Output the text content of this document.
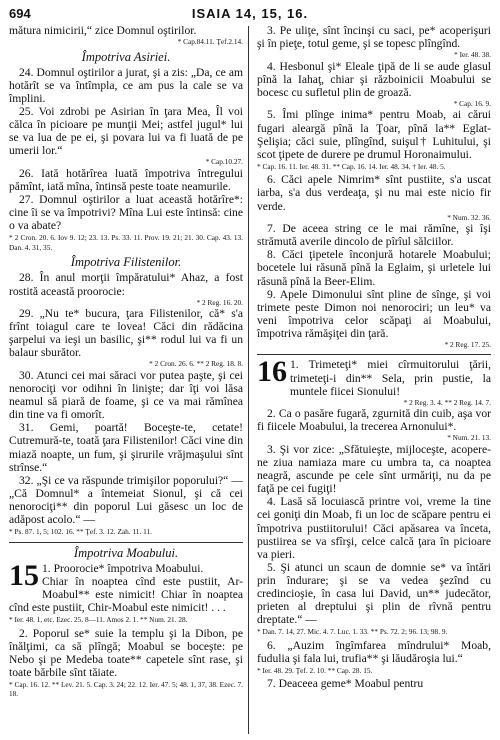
694	ISAIA 14, 15, 16.

mătura nimicirii,“ zice Domnul oştirilor.

* Cap.84.11. Ţef.2.14.
Împotriva Asiriei.

24. Domnul oştirilor a jurat, şi a zis: „Da, ce am hotărît se va întîmpla, ce am pus la cale se va împlini.

25. Voi zdrobi pe Asirian în ţara Mea, Îl voi călca în picioare pe munţii Mei; astfel jugul* lui se va lua de pe ei, şi povara lui va fi luată de pe umerii lor.“

* Cap.10.27.

26. Iată hotărîrea luată împotriva întregului pămînt, iată mîna, întinsă peste toate neamurile.

27. Domnul oştirilor a luat această hotărîre*: cine îi se va împotrivi? Mîna Lui este întinsă: cine o va abate?

* 2 Cron. 20. 6. Iov 9. 12; 23. 13. Ps. 33. 11. Prov. 19. 21; 21. 30. Cap. 43. 13. Dan. 4. 31, 35.
Împotriva Filistenilor.

28. În anul morţii împăratului* Ahaz, a fost rostită această proorocie:

* 2 Reg. 16. 20.

29. „Nu te* bucura, ţara Filistenilor, că* s'a frînt toiagul care te lovea! Căci din rădăcina şarpelui va ieşi un basilic, şi** rodul lui va fi un balaur sburător.

* 2 Cron. 26. 6. ** 2 Reg. 18. 8.

30. Atunci cei mai săraci vor putea paşte, şi cei nenorociţi vor odihni în linişte; dar îţi voi lăsa neamul să piară de foame, şi ce va mai rămînea din tine va fi omorît.

31. Gemi, poartă! Boceşte-te, cetate! Cutremură-te, toată ţara Filistenilor! Căci vine din miază noapte, un fum, şi şirurile vrăjmaşului sînt strînse.“

32. „Şi ce va răspunde trimişilor poporului?“ — „Că Domnul* a întemeiat Sionul, şi că cei nenorociţi** din poporul Lui găsesc un loc de adăpost acolo.“ —

* Ps. 87. 1, 5; 102. 16. ** Ţef. 3. 12. Zah. 11. 11.
Împotriva Moabului.

15 1. Proorocie* împotriva Moabului.

Chiar în noaptea cînd este pustiit, Ar-Moabul** este nimicit! Chiar în noaptea cînd este pustiit, Chir-Moabul este nimicit! . . .

* Ier. 48. 1, etc. Ezec. 25. 8—11. Amos 2. 1. ** Num. 21. 28.

2. Poporul se* suie la templu şi la Dibon, pe înălţimi, ca să plîngă; Moabul se boceşte: pe Nebo şi pe Medeba toate** capetele sînt rase, şi toate bărbile sînt tăiate.

* Cap. 16. 12. ** Lev. 21. 5. Cap. 3. 24; 22. 12. Ier. 47. 5; 48. 1, 37, 38. Ezec. 7. 18.

3. Pe uliţe, sînt încinşi cu saci, pe* acoperişuri şi în pieţe, totul geme, şi se topesc plîngînd.

* Ier. 48. 38.

4. Hesbonul şi* Eleale ţipă de li se aude glasul pînă la Iahaţ, chiar şi războinicii Moabului se bocesc cu sufletul plin de groază.

* Cap. 16. 9.

5. Îmi plînge inima* pentru Moab, ai cărui fugari aleargă pînă la Ţoar, pînă la** Eglat-Şelişia; căci suie, plîngînd, suişul† Luhitului, şi scot ţipete de durere pe drumul Horonaimului.

* Cap. 16. 11. Ier. 48. 31. ** Cap. 16. 14. Ier. 48. 34. † Ier. 48. 5.

6. Căci apele Nimrim* sînt pustiite, s'a uscat iarba, s'a dus verdeaţa, şi nu mai este nicio fir verde.

* Num. 32. 36.

7. De aceea string ce le mai rămîne, şi îşi strămută averile dincolo de pîrîul sălciilor.

8. Căci ţipetele înconjură hotarele Moabului; bocetele lui răsună pînă la Eglaim, şi urletele lui răsună pînă la Beer-Elim.

9. Apele Dimonului sînt pline de sînge, şi voi trimete peste Dimon noi nenorociri; un leu* va veni împotriva celor scăpaţi ai Moabului, împotriva rămăşiţei din ţară.

* 2 Reg. 17. 25.

16 1. Trimeteţi* miei cîrmuitorului ţării, trimeteţi-i din** Sela, prin pustie, la muntele fiicei Sionului!

* 2 Reg. 3. 4. ** 2 Reg. 14. 7.

2. Ca o pasăre fugară, zgurnită din cuib, aşa vor fi fiicele Moabului, la trecerea Arnonului*.

* Num. 21. 13.

3. Şi vor zice: „Sfătuieşte, mijloceşte, acopere-ne ziua namiaza mare cu umbra ta, ca noaptea neagră, ascunde pe cele sînt urmăriţi, nu da pe faţă pe cei fugiţi!

4. Lasă să locuiască printre voi, vreme la tine cei goniţi din Moab, fi un loc de scăpare pentru ei împotriva pustiitorului! Căci apăsarea va înceta, pustiirea se va sfîrşi, celce calcă ţara în picioare va pieri.

5. Şi atunci un scaun de domnie se* va întări prin îndurare; şi se va vedea şezînd cu credincioşie, în casa lui David, un** judecător, prieten al dreptului şi plin de rîvnă pentru dreptate.“ —

* Dan. 7. 14, 27. Mic. 4. 7. Luc. 1. 33. ** Ps. 72. 2; 96. 13; 98. 9.

6. „Auzim îngîmfarea mîndrului* Moab, fudulia şi fala lui, trufia** şi lăudăroşia lui.“

* Ier. 48. 29. Ţef. 2. 10. ** Cap. 28. 15.

7. Deaceea geme* Moabul pentru
